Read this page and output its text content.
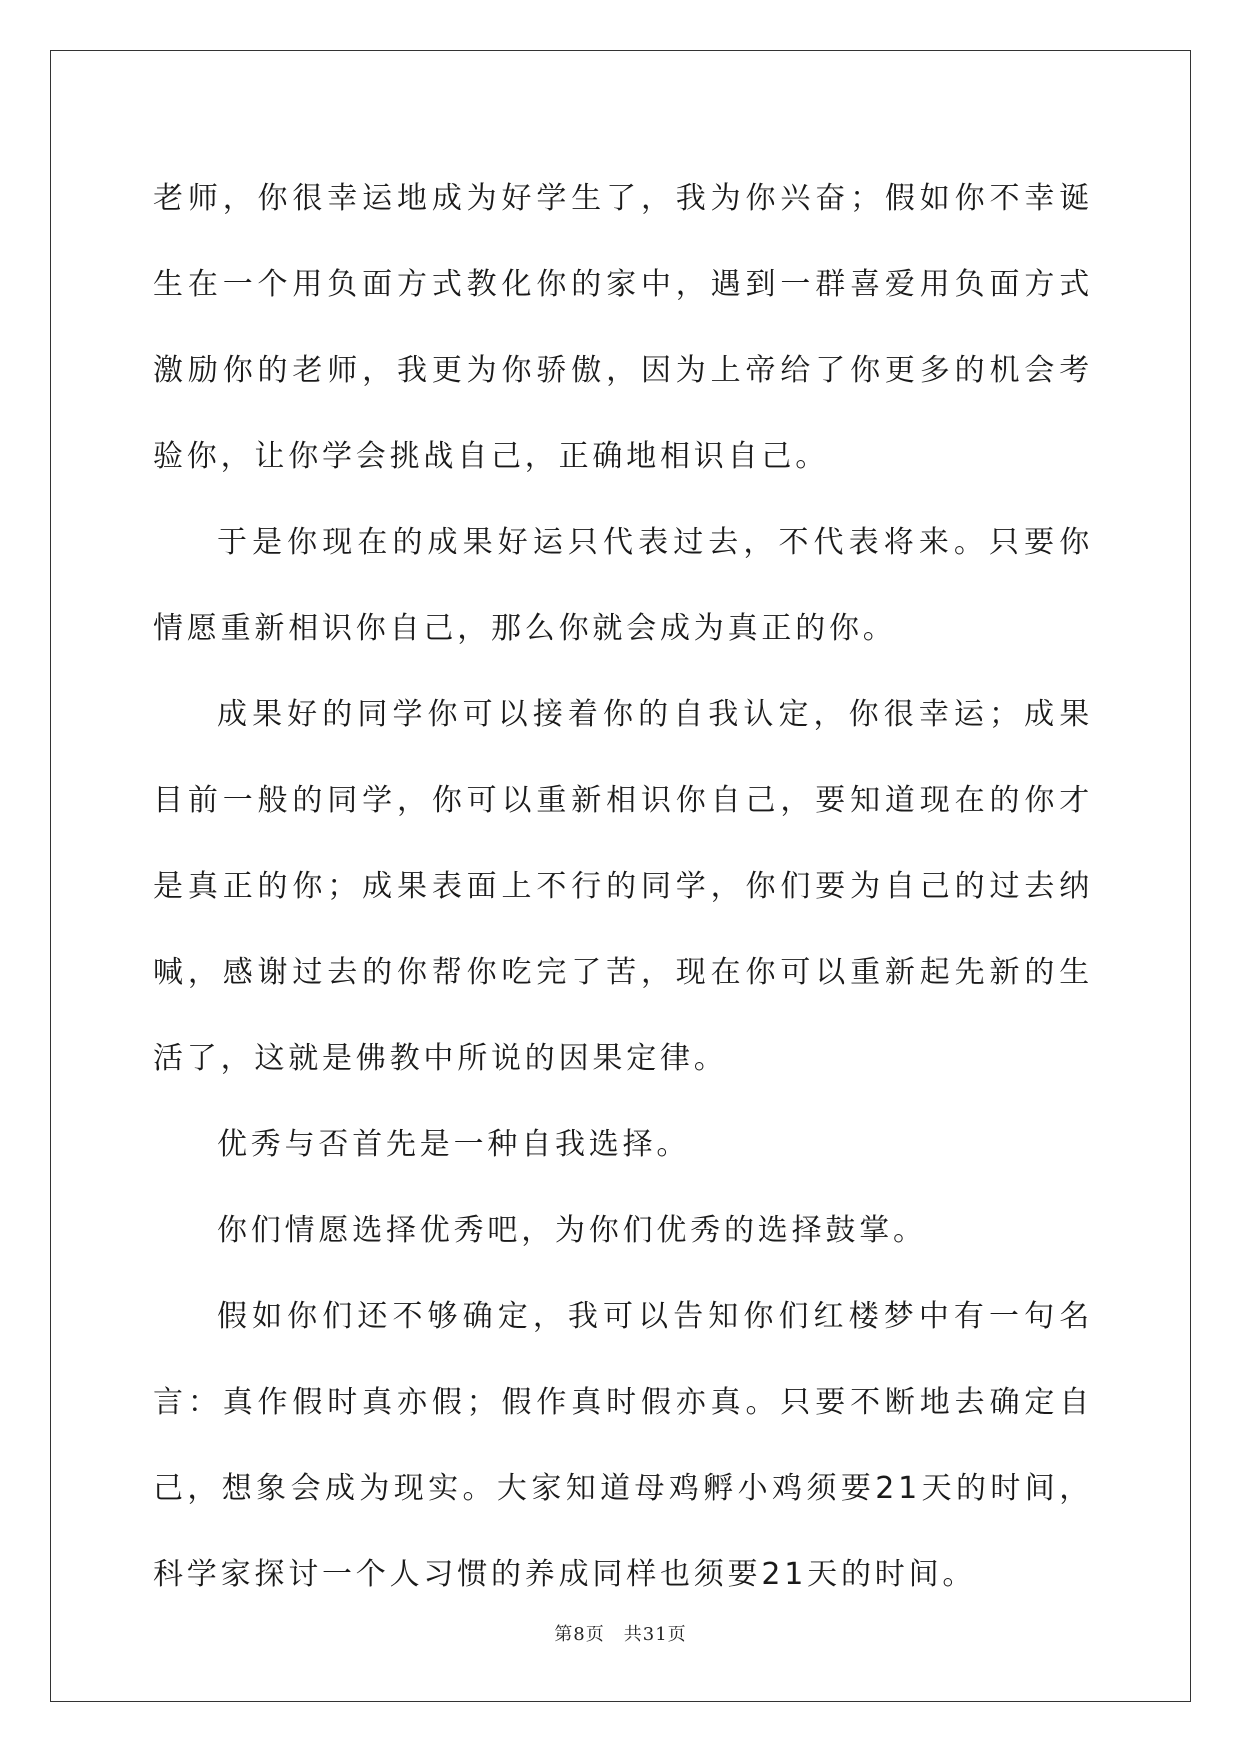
老师，你很幸运地成为好学生了，我为你兴奋；假如你不幸诞生在一个用负面方式教化你的家中，遇到一群喜爱用负面方式激励你的老师，我更为你骄傲，因为上帝给了你更多的机会考验你，让你学会挑战自己，正确地相识自己。

于是你现在的成果好运只代表过去，不代表将来。只要你情愿重新相识你自己，那么你就会成为真正的你。

成果好的同学你可以接着你的自我认定，你很幸运；成果目前一般的同学，你可以重新相识你自己，要知道现在的你才是真正的你；成果表面上不行的同学，你们要为自己的过去纳喊，感谢过去的你帮你吃完了苦，现在你可以重新起先新的生活了，这就是佛教中所说的因果定律。

优秀与否首先是一种自我选择。

你们情愿选择优秀吧，为你们优秀的选择鼓掌。

假如你们还不够确定，我可以告知你们红楼梦中有一句名言：真作假时真亦假；假作真时假亦真。只要不断地去确定自己，想象会成为现实。大家知道母鸡孵小鸡须要21天的时间，科学家探讨一个人习惯的养成同样也须要21天的时间。

第8页　共31页
